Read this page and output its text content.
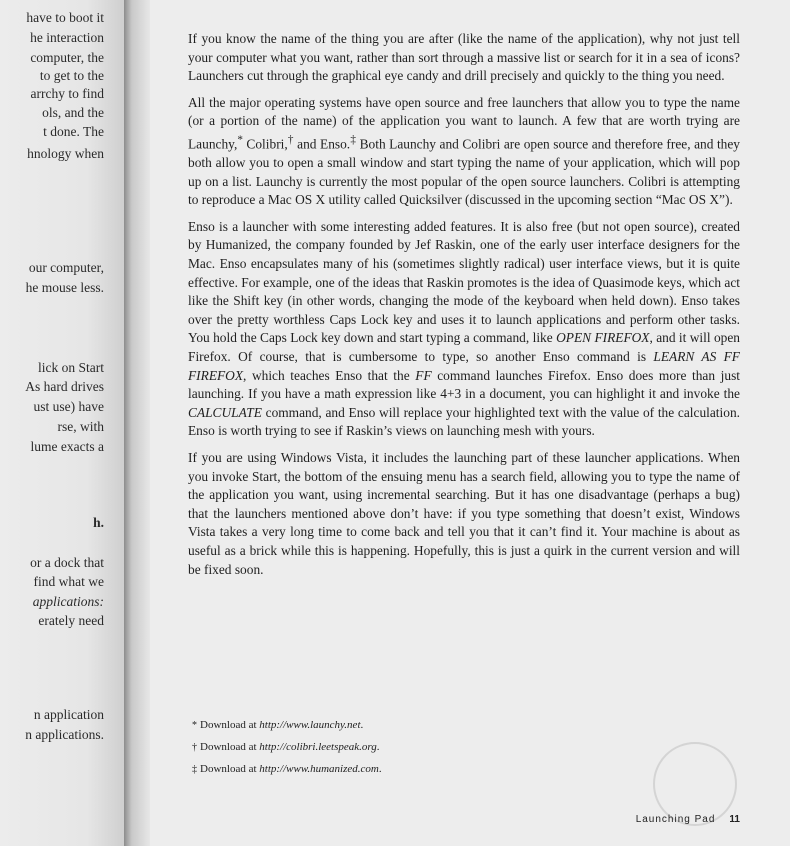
have to boot it
he interaction
computer, the
to get to the
arrchy to find
ols, and the
t done. The
hnology when
our computer,
he mouse less.
lick on Start
As hard drives
ust use) have
rse, with
lume exacts a
h.
or a dock that
find what we
applications:
erately need
n application
n applications.

If you know the name of the thing you are after (like the name of the application), why not just tell your computer what you want, rather than sort through a massive list or search for it in a sea of icons? Launchers cut through the graphical eye candy and drill precisely and quickly to the thing you need.

All the major operating systems have open source and free launchers that allow you to type the name (or a portion of the name) of the application you want to launch. A few that are worth trying are Launchy,* Colibri,† and Enso.‡ Both Launchy and Colibri are open source and therefore free, and they both allow you to open a small window and start typing the name of your application, which will pop up on a list. Launchy is currently the most popular of the open source launchers. Colibri is attempting to reproduce a Mac OS X utility called Quicksilver (discussed in the upcoming section “Mac OS X”).

Enso is a launcher with some interesting added features. It is also free (but not open source), created by Humanized, the company founded by Jef Raskin, one of the early user interface designers for the Mac. Enso encapsulates many of his (sometimes slightly radical) user interface views, but it is quite effective. For example, one of the ideas that Raskin promotes is the idea of Quasimode keys, which act like the Shift key (in other words, changing the mode of the keyboard when held down). Enso takes over the pretty worthless Caps Lock key and uses it to launch applications and perform other tasks. You hold the Caps Lock key down and start typing a command, like OPEN FIREFOX, and it will open Firefox. Of course, that is cumbersome to type, so another Enso command is LEARN AS FF FIREFOX, which teaches Enso that the FF command launches Firefox. Enso does more than just launching. If you have a math expression like 4+3 in a document, you can highlight it and invoke the CALCULATE command, and Enso will replace your highlighted text with the value of the calculation. Enso is worth trying to see if Raskin’s views on launching mesh with yours.

If you are using Windows Vista, it includes the launching part of these launcher applications. When you invoke Start, the bottom of the ensuing menu has a search field, allowing you to type the name of the application you want, using incremental searching. But it has one disadvantage (perhaps a bug) that the launchers mentioned above don’t have: if you type something that doesn’t exist, Windows Vista takes a very long time to come back and tell you that it can’t find it. Your machine is about as useful as a brick while this is happening. Hopefully, this is just a quirk in the current version and will be fixed soon.

* Download at http://www.launchy.net.
† Download at http://colibri.leetspeak.org.
‡ Download at http://www.humanized.com.
Launching Pad 11
